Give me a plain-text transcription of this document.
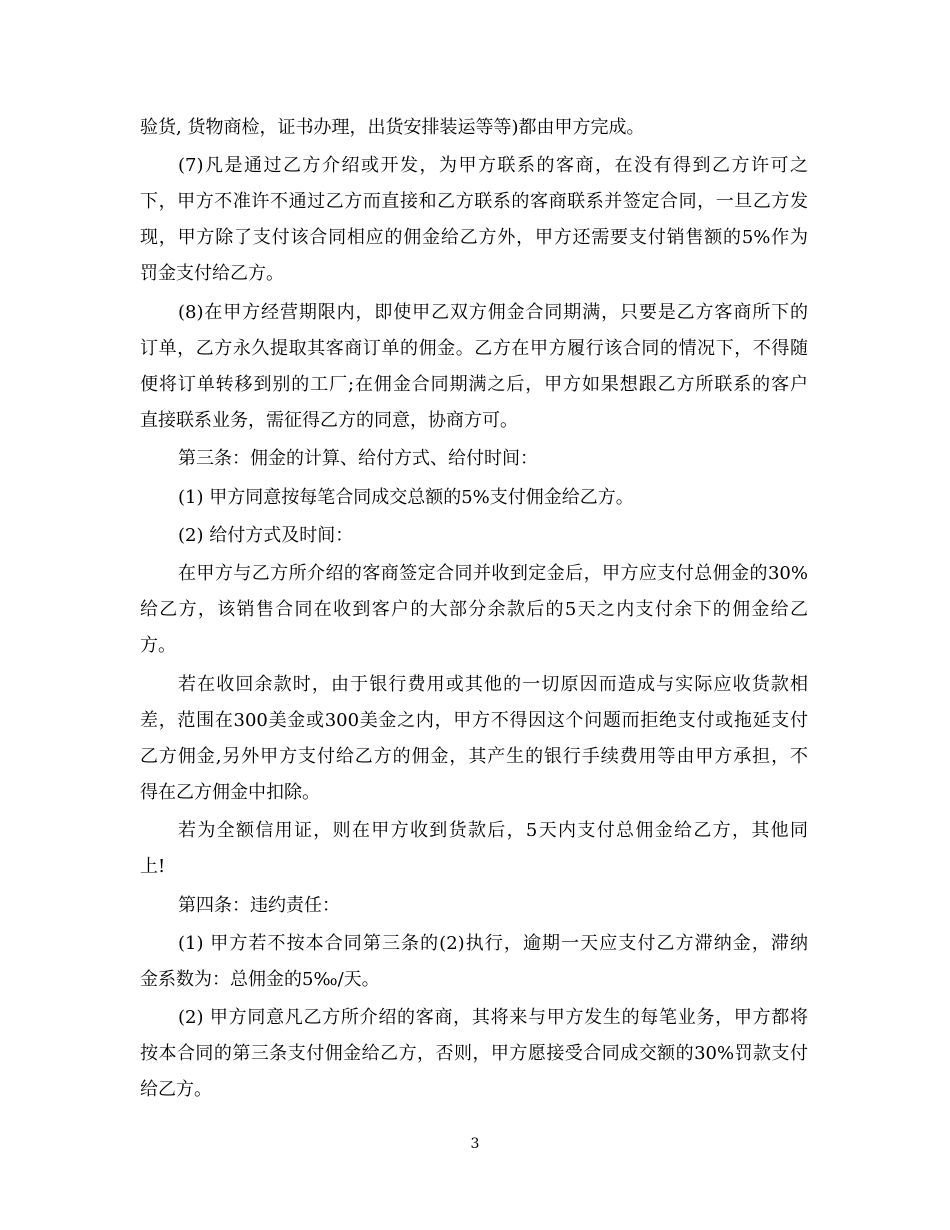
验货, 货物商检，证书办理，出货安排装运等等)都由甲方完成。
(7)凡是通过乙方介绍或开发，为甲方联系的客商，在没有得到乙方许可之
下，甲方不准许不通过乙方而直接和乙方联系的客商联系并签定合同，一旦乙方发
现，甲方除了支付该合同相应的佣金给乙方外，甲方还需要支付销售额的5%作为
罚金支付给乙方。
(8)在甲方经营期限内，即使甲乙双方佣金合同期满，只要是乙方客商所下的
订单，乙方永久提取其客商订单的佣金。乙方在甲方履行该合同的情况下，不得随
便将订单转移到别的工厂;在佣金合同期满之后，甲方如果想跟乙方所联系的客户
直接联系业务，需征得乙方的同意，协商方可。
第三条：佣金的计算、给付方式、给付时间：
(1) 甲方同意按每笔合同成交总额的5%支付佣金给乙方。
(2) 给付方式及时间：
在甲方与乙方所介绍的客商签定合同并收到定金后，甲方应支付总佣金的30%
给乙方，该销售合同在收到客户的大部分余款后的5天之内支付余下的佣金给乙
方。
若在收回余款时，由于银行费用或其他的一切原因而造成与实际应收货款相
差，范围在300美金或300美金之内，甲方不得因这个问题而拒绝支付或拖延支付
乙方佣金,另外甲方支付给乙方的佣金，其产生的银行手续费用等由甲方承担，不
得在乙方佣金中扣除。
若为全额信用证，则在甲方收到货款后，5天内支付总佣金给乙方，其他同
上!
第四条：违约责任：
(1) 甲方若不按本合同第三条的(2)执行，逾期一天应支付乙方滞纳金，滞纳
金系数为：总佣金的5‰/天。
(2) 甲方同意凡乙方所介绍的客商，其将来与甲方发生的每笔业务，甲方都将
按本合同的第三条支付佣金给乙方，否则，甲方愿接受合同成交额的30%罚款支付
给乙方。
3
